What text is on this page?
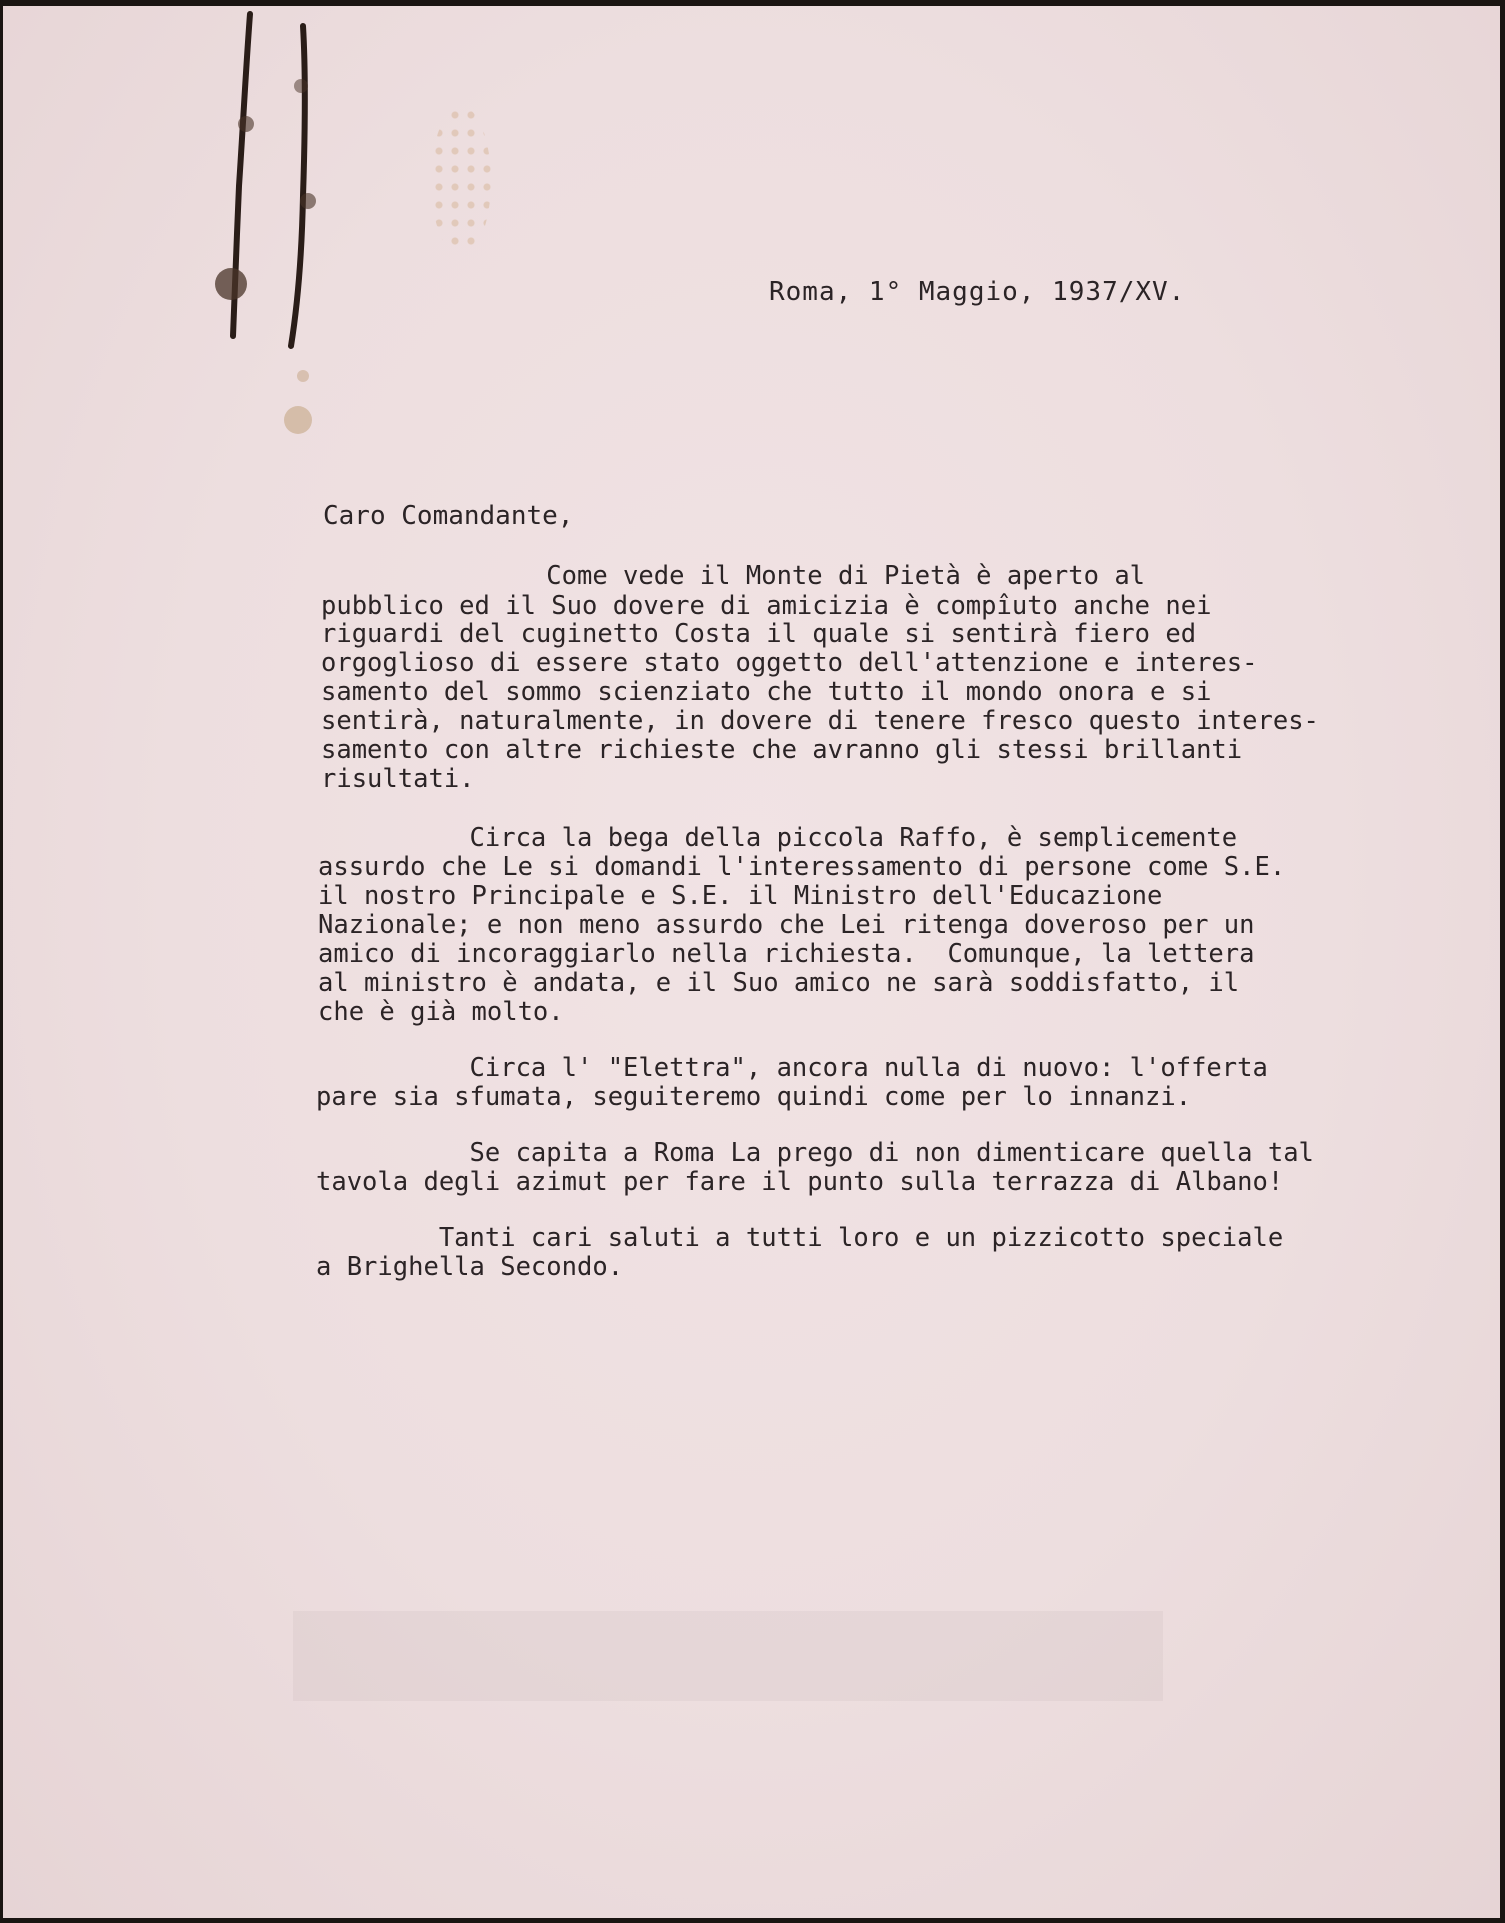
Roma, 1° Maggio, 1937/XV.

Caro Comandante,

Come vede il Monte di Pietà è aperto al

pubblico ed il Suo dovere di amicizia è compîuto anche nei

riguardi del cuginetto Costa il quale si sentirà fiero ed

orgoglioso di essere stato oggetto dell'attenzione e interes-

samento del sommo scienziato che tutto il mondo onora e si

sentirà, naturalmente, in dovere di tenere fresco questo interes-

samento con altre richieste che avranno gli stessi brillanti

risultati.

Circa la bega della piccola Raffo, è semplicemente

assurdo che Le si domandi l'interessamento di persone come S.E.

il nostro Principale e S.E. il Ministro dell'Educazione

Nazionale; e non meno assurdo che Lei ritenga doveroso per un

amico di incoraggiarlo nella richiesta.  Comunque, la lettera

al ministro è andata, e il Suo amico ne sarà soddisfatto, il

che è già molto.

Circa l' "Elettra", ancora nulla di nuovo: l'offerta

pare sia sfumata, seguiteremo quindi come per lo innanzi.

Se capita a Roma La prego di non dimenticare quella tal

tavola degli azimut per fare il punto sulla terrazza di Albano!

Tanti cari saluti a tutti loro e un pizzicotto speciale

a Brighella Secondo.
